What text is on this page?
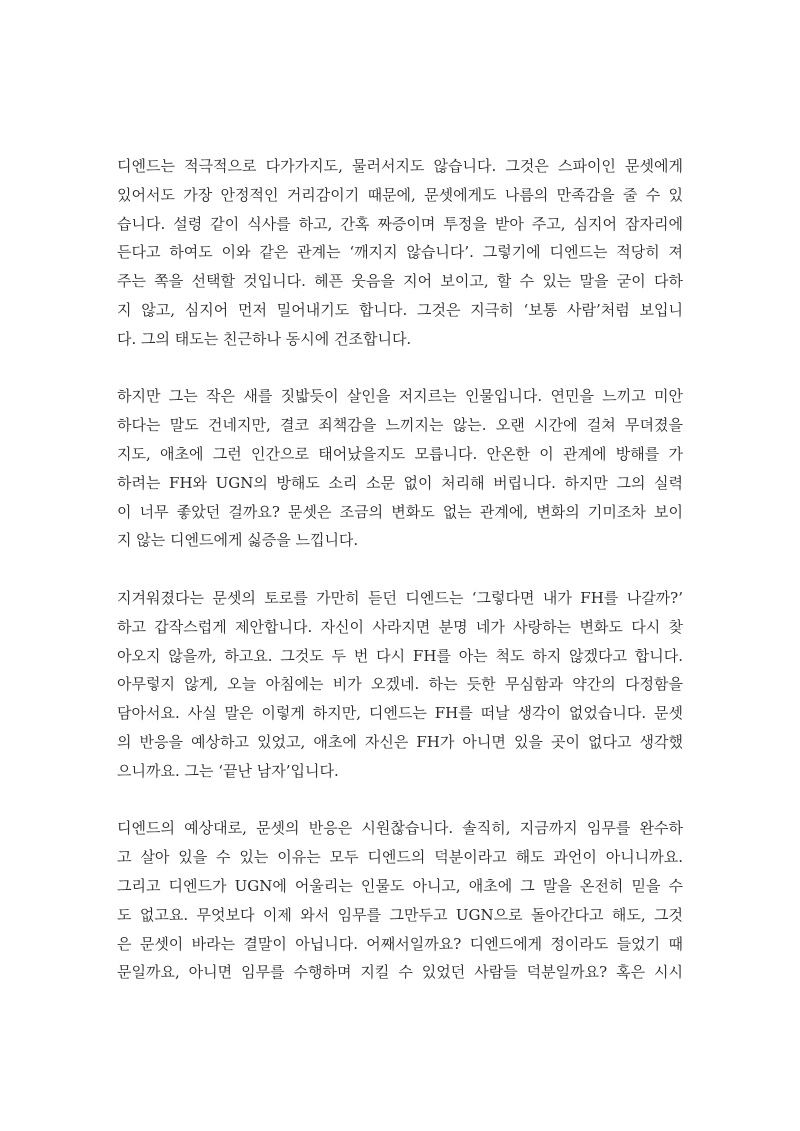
디엔드는 적극적으로 다가가지도, 물러서지도 않습니다. 그것은 스파이인 문셋에게
있어서도 가장 안정적인 거리감이기 때문에, 문셋에게도 나름의 만족감을 줄 수 있
습니다. 설령 같이 식사를 하고, 간혹 짜증이며 투정을 받아 주고, 심지어 잠자리에
든다고 하여도 이와 같은 관계는 ‘깨지지 않습니다’. 그렇기에 디엔드는 적당히 져
주는 쪽을 선택할 것입니다. 헤픈 웃음을 지어 보이고, 할 수 있는 말을 굳이 다하
지 않고, 심지어 먼저 밀어내기도 합니다. 그것은 지극히 ‘보통 사람’처럼 보입니
다. 그의 태도는 친근하나 동시에 건조합니다.
하지만 그는 작은 새를 짓밟듯이 살인을 저지르는 인물입니다. 연민을 느끼고 미안
하다는 말도 건네지만, 결코 죄책감을 느끼지는 않는. 오랜 시간에 걸쳐 무뎌졌을
지도, 애초에 그런 인간으로 태어났을지도 모릅니다. 안온한 이 관계에 방해를 가
하려는 FH와 UGN의 방해도 소리 소문 없이 처리해 버립니다. 하지만 그의 실력
이 너무 좋았던 걸까요? 문셋은 조금의 변화도 없는 관계에, 변화의 기미조차 보이
지 않는 디엔드에게 싫증을 느낍니다.
지겨워졌다는 문셋의 토로를 가만히 듣던 디엔드는 ‘그렇다면 내가 FH를 나갈까?’
하고 갑작스럽게 제안합니다. 자신이 사라지면 분명 네가 사랑하는 변화도 다시 찾
아오지 않을까, 하고요. 그것도 두 번 다시 FH를 아는 척도 하지 않겠다고 합니다.
아무렇지 않게, 오늘 아침에는 비가 오겠네. 하는 듯한 무심함과 약간의 다정함을
담아서요. 사실 말은 이렇게 하지만, 디엔드는 FH를 떠날 생각이 없었습니다. 문셋
의 반응을 예상하고 있었고, 애초에 자신은 FH가 아니면 있을 곳이 없다고 생각했
으니까요. 그는 ‘끝난 남자’입니다.
디엔드의 예상대로, 문셋의 반응은 시원찮습니다. 솔직히, 지금까지 임무를 완수하
고 살아 있을 수 있는 이유는 모두 디엔드의 덕분이라고 해도 과언이 아니니까요.
그리고 디엔드가 UGN에 어울리는 인물도 아니고, 애초에 그 말을 온전히 믿을 수
도 없고요. 무엇보다 이제 와서 임무를 그만두고 UGN으로 돌아간다고 해도, 그것
은 문셋이 바라는 결말이 아닙니다. 어째서일까요? 디엔드에게 정이라도 들었기 때
문일까요, 아니면 임무를 수행하며 지킬 수 있었던 사람들 덕분일까요? 혹은 시시
